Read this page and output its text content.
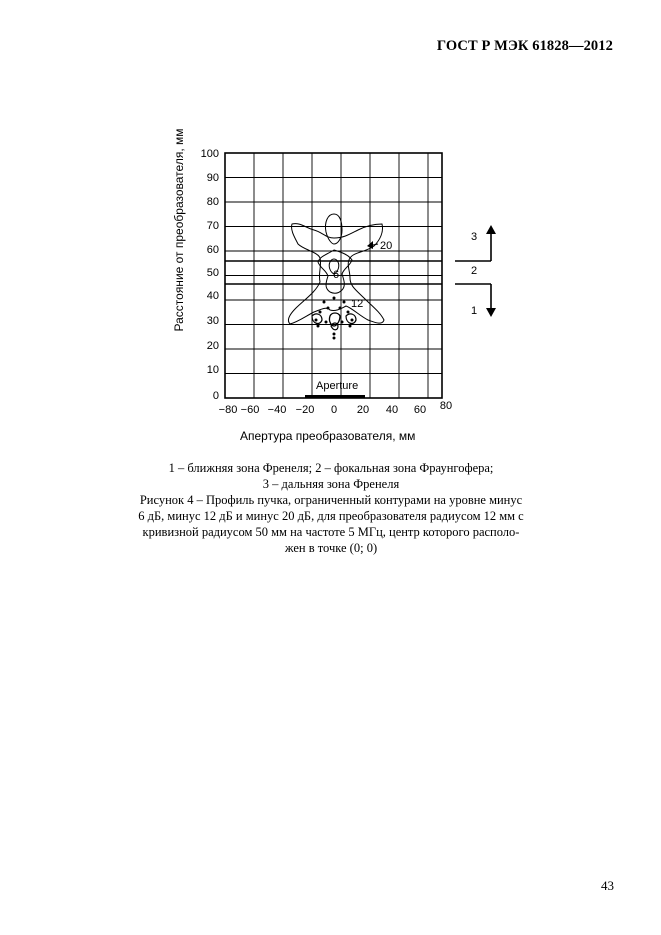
ГОСТ Р МЭК 61828—2012
100
90
80
70
60
50
40
30
20
10
0
−80 −60 −40 −20 0 20 40 60 80
Aperture
3
2
1
20
6
12
Расстояние от преобразователя, мм
Апертура преобразователя, мм
1 – ближняя зона Френеля; 2 – фокальная зона Фраунгофера;
3 – дальняя зона Френеля
Рисунок 4 – Профиль пучка, ограниченный контурами на уровне минус
6 дБ, минус 12 дБ и минус 20 дБ, для преобразователя радиусом 12 мм с
кривизной радиусом 50 мм на частоте 5 МГц, центр которого располо-
жен в точке (0; 0)
43
